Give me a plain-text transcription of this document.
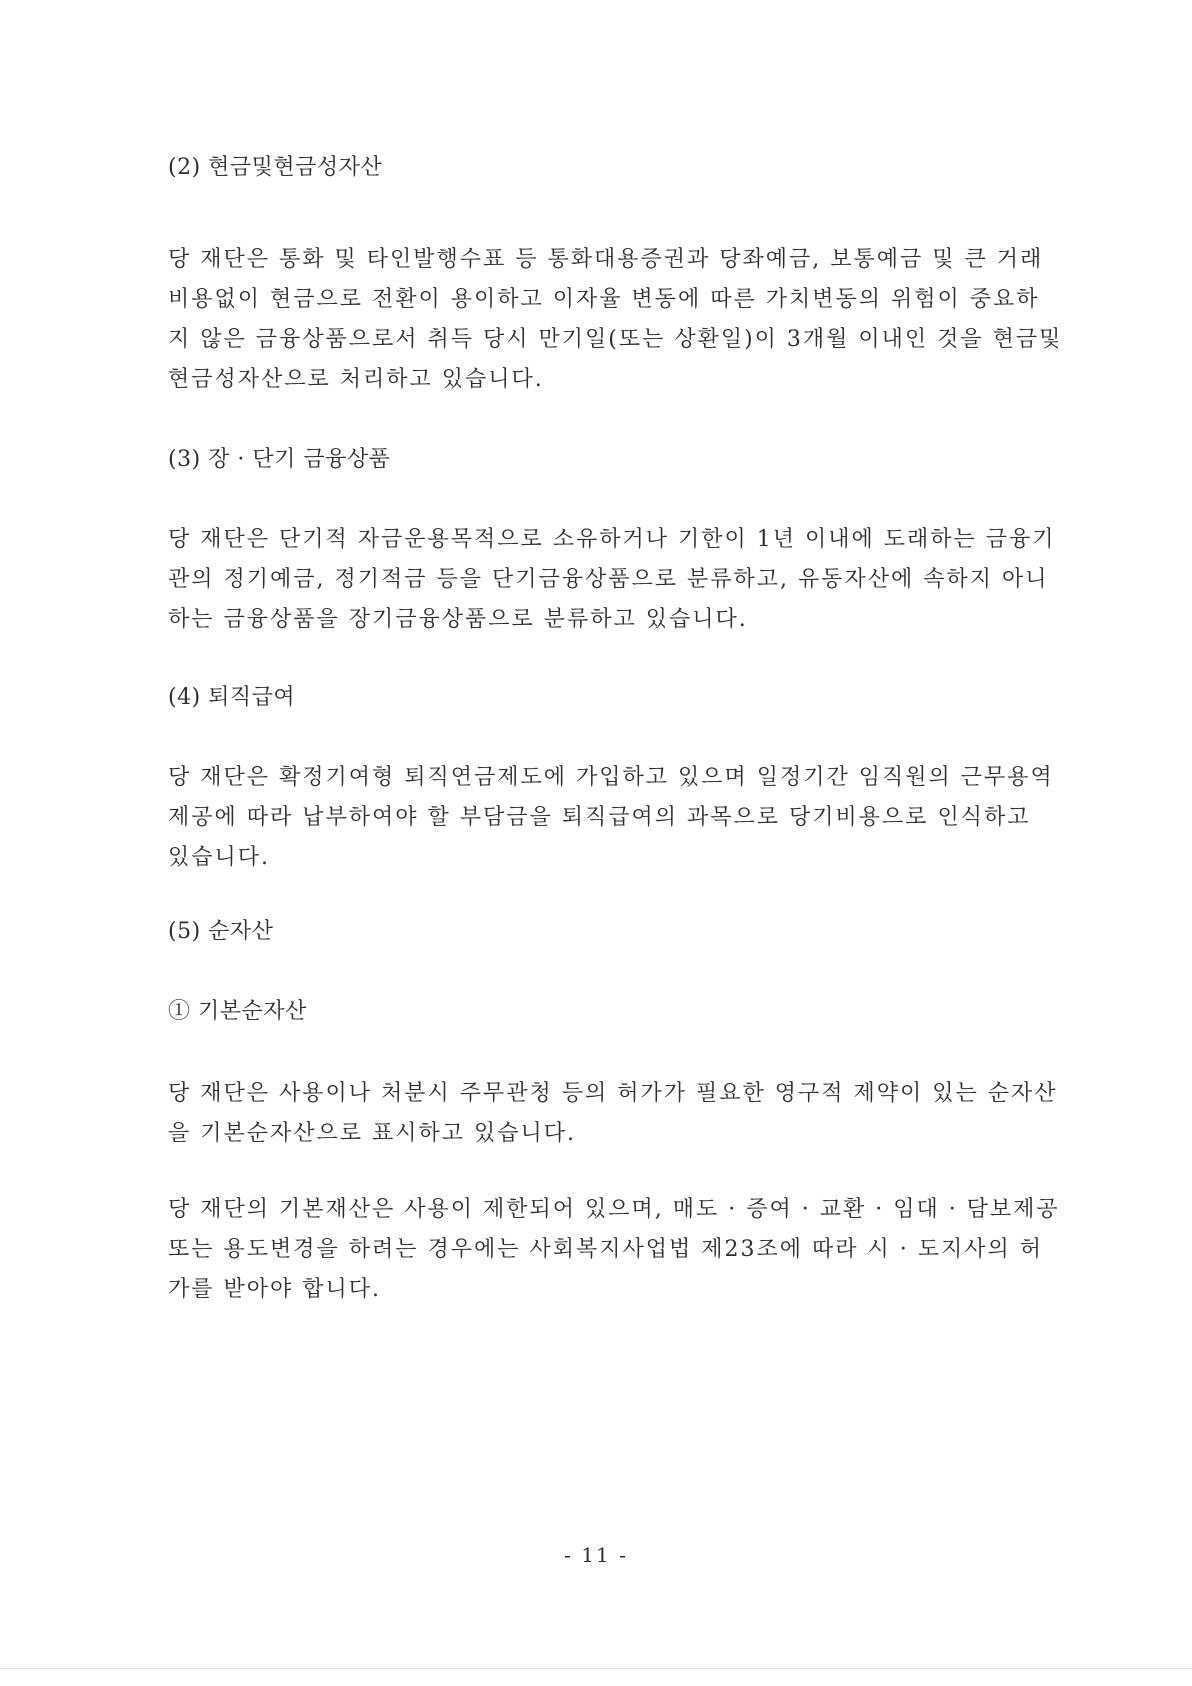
(2) 현금및현금성자산

당 재단은 통화 및 타인발행수표 등 통화대용증권과 당좌예금, 보통예금 및 큰 거래
비용없이 현금으로 전환이 용이하고 이자율 변동에 따른 가치변동의 위험이 중요하
지 않은 금융상품으로서 취득 당시 만기일(또는 상환일)이 3개월 이내인 것을 현금및
현금성자산으로 처리하고 있습니다.

(3) 장 · 단기 금융상품

당 재단은 단기적 자금운용목적으로 소유하거나 기한이 1년 이내에 도래하는 금융기
관의 정기예금, 정기적금 등을 단기금융상품으로 분류하고, 유동자산에 속하지 아니
하는 금융상품을 장기금융상품으로 분류하고 있습니다.

(4) 퇴직급여

당 재단은 확정기여형 퇴직연금제도에 가입하고 있으며 일정기간 임직원의 근무용역
제공에 따라 납부하여야 할 부담금을 퇴직급여의 과목으로 당기비용으로 인식하고
있습니다.

(5) 순자산

① 기본순자산

당 재단은 사용이나 처분시 주무관청 등의 허가가 필요한 영구적 제약이 있는 순자산
을 기본순자산으로 표시하고 있습니다.

당 재단의 기본재산은 사용이 제한되어 있으며, 매도 · 증여 · 교환 · 임대 · 담보제공
또는 용도변경을 하려는 경우에는 사회복지사업법 제23조에 따라 시 · 도지사의 허
가를 받아야 합니다.

- 11 -
